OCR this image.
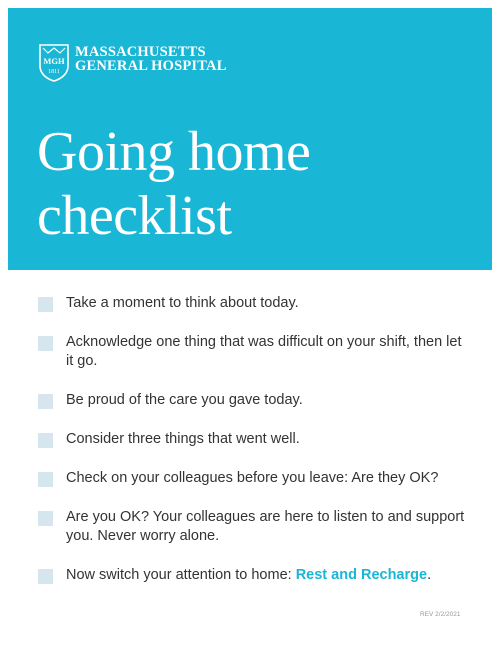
MGH
1811
MASSACHUSETTS
GENERAL HOSPITAL
Going home
checklist
Take a moment to think about today.
Acknowledge one thing that was difficult on your shift, then let it go.
Be proud of the care you gave today.
Consider three things that went well.
Check on your colleagues before you leave: Are they OK?
Are you OK? Your colleagues are here to listen to and support you. Never worry alone.
Now switch your attention to home: Rest and Recharge.
REV 2/2/2021
